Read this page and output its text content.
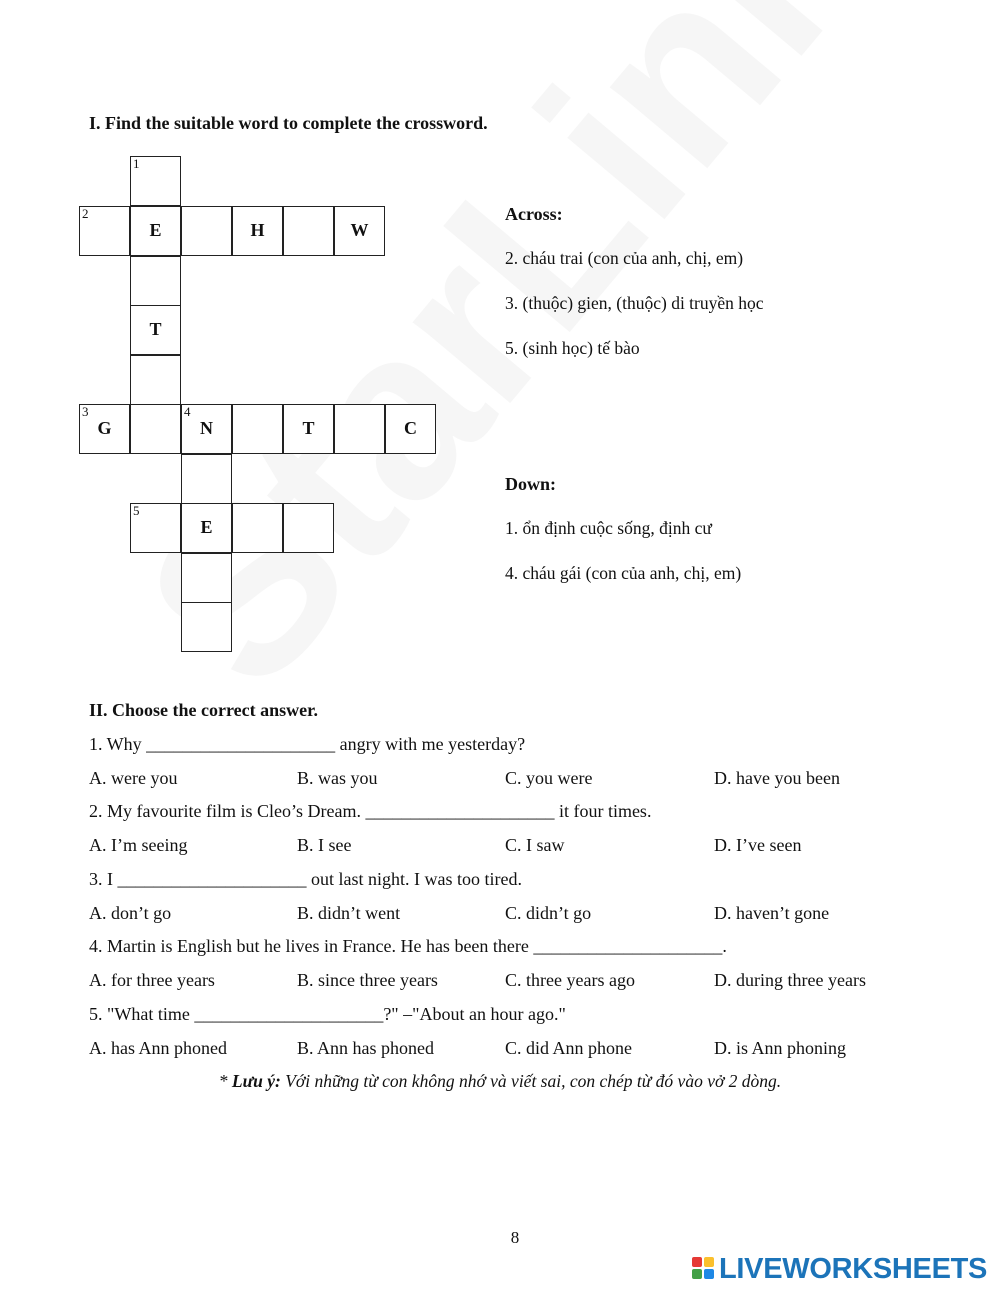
I. Find the suitable word to complete the crossword.
1
2
E	H	W
T
3
G
4
N	T	C
5
E
Across:
2. cháu trai (con của anh, chị, em)
3. (thuộc) gien, (thuộc) di truyền học
5. (sinh học) tế bào
Down:
1. ổn định cuộc sống, định cư
4. cháu gái (con của anh, chị, em)
II. Choose the correct answer.
1. Why _____________________ angry with me yesterday?
A. were you	B. was you	C. you were	D. have you been
2. My favourite film is Cleo’s Dream. _____________________ it four times.
A. I’m seeing	B. I see	C. I saw	D. I’ve seen
3. I _____________________ out last night. I was too tired.
A. don’t go	B. didn’t went	C. didn’t go	D. haven’t gone
4. Martin is English but he lives in France. He has been there _____________________.
A. for three years	B. since three years	C. three years ago	D. during three years
5. "What time _____________________?" –"About an hour ago."
A. has Ann phoned	B. Ann has phoned	C. did Ann phone	D. is Ann phoning
* Lưu ý: Với những từ con không nhớ và viết sai, con chép từ đó vào vở 2 dòng.
8
LIVEWORKSHEETS
